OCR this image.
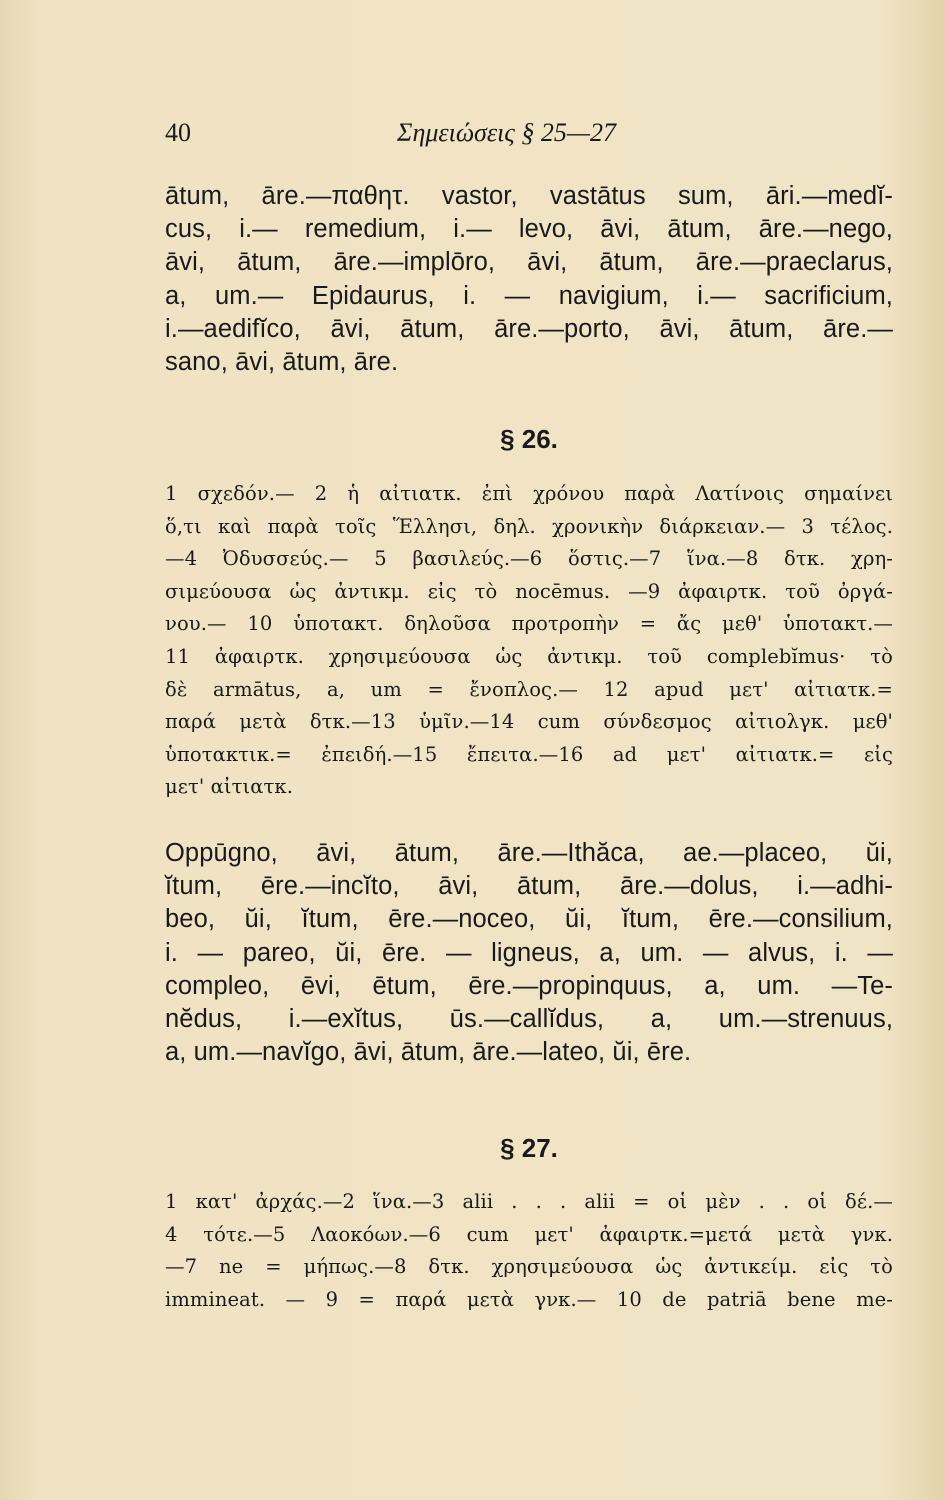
40	Σημειώσεις § 25—27
ātum, āre.—παθητ. vastor, vastātus sum, āri.—medĭ-
cus, i.— remedium, i.— levo, āvi, ātum, āre.—nego,
āvi, ātum, āre.—implōro, āvi, ātum, āre.—praeclarus,
a, um.— Epidaurus, i. — navigium, i.— sacrificium,
i.—aedifĭco, āvi, ātum, āre.—porto, āvi, ātum, āre.—
sano, āvi, ātum, āre.
§ 26.
1 σχεδόν.— 2 ἡ αἰτιατκ. ἐπὶ χρόνου παρὰ Λατίνοις σημαίνει
ὅ,τι καὶ παρὰ τοῖς Ἕλλησι, δηλ. χρονικὴν διάρκειαν.— 3 τέλος.
—4 Ὀδυσσεύς.— 5 βασιλεύς.—6 ὅστις.—7 ἵνα.—8 δτκ. χρη-
σιμεύουσα ὡς ἀντικμ. εἰς τὸ nocēmus. —9 ἀφαιρτκ. τοῦ ὀργά-
νου.— 10 ὑποτακτ. δηλοῦσα προτροπὴν = ἄς μεθ' ὑποτακτ.—
11 ἀφαιρτκ. χρησιμεύουσα ὡς ἀντικμ. τοῦ complebĭmus· τὸ
δὲ armātus, a, um = ἔνοπλος.— 12 apud μετ' αἰτιατκ.=
παρά μετὰ δτκ.—13 ὑμῖν.—14 cum σύνδεσμος αἰτιολγκ. μεθ'
ὑποτακτικ.= ἐπειδή.—15 ἔπειτα.—16 ad μετ' αἰτιατκ.= εἰς
μετ' αἰτιατκ.
Oppūgno, āvi, ātum, āre.—Ithăca, ae.—placeo, ŭi,
ĭtum, ēre.—incĭto, āvi, ātum, āre.—dolus, i.—adhi-
beo, ŭi, ĭtum, ēre.—noceo, ŭi, ĭtum, ēre.—consilium,
i. — pareo, ŭi, ēre. — ligneus, a, um. — alvus, i. —
compleo, ēvi, ētum, ēre.—propinquus, a, um. —Te-
nĕdus, i.—exĭtus, ūs.—callĭdus, a, um.—strenuus,
a, um.—navĭgo, āvi, ātum, āre.—lateo, ŭi, ēre.
§ 27.
1 κατ' ἀρχάς.—2 ἵνα.—3 alii . . . alii = οἱ μὲν . . οἱ δέ.—
4 τότε.—5 Λαοκόων.—6 cum μετ' ἀφαιρτκ.=μετά μετὰ γνκ.
—7 ne = μήπως.—8 δτκ. χρησιμεύουσα ὡς ἀντικείμ. εἰς τὸ
immineat. — 9 = παρά μετὰ γνκ.— 10 de patriā bene me-
